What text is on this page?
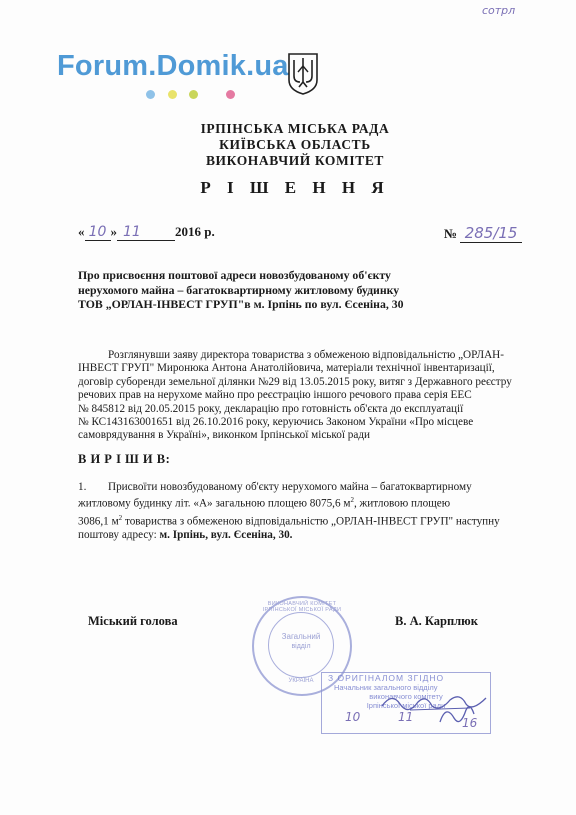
сотрл
Forum.Domik.ua
ІРПІНСЬКА МІСЬКА РАДА
КИЇВСЬКА ОБЛАСТЬ
ВИКОНАВЧИЙ КОМІТЕТ
Р І Ш Е Н Н Я
« 10 » 11	2016 р.	№ 285/15
Про присвоєння поштової адреси новозбудованому об'єкту
нерухомого майна – багатоквартирному житловому будинку
ТОВ „ОРЛАН-ІНВЕСТ ГРУП"в м. Ірпінь по вул. Єсеніна, 30
Розглянувши заяву директора товариства з обмеженою відповідальністю „ОРЛАН-
ІНВЕСТ ГРУП" Миронюка Антона Анатолійовича, матеріали технічної інвентаризації,
договір суборенди земельної ділянки №29 від 13.05.2015 року, витяг з Державного реєстру
речових прав на нерухоме майно про реєстрацію іншого речового права серія ЕЕС
№ 845812 від 20.05.2015 року, декларацію про готовність об'єкта до експлуатації
№ КС143163001651 від 26.10.2016 року, керуючись Законом України «Про місцеве
самоврядування в Україні», виконком Ірпінської міської ради
В И Р І Ш И В:
1. Присвоїти новозбудованому об'єкту нерухомого майна – багатоквартирному
житловому будинку літ. «А» загальною площею 8075,6 $м^2$, житловою площею
3086,1 $м^2$ товариства з обмеженою відповідальністю „ОРЛАН-ІНВЕСТ ГРУП" наступну
поштову адресу: м. Ірпінь, вул. Єсеніна, 30.
Міський голова	В. А. Карплюк
Загальний
відділ
УКРАЇНА
ВИКОНАВЧИЙ КОМІТЕТ ІРПІНСЬКОЇ МІСЬКОЇ РАДИ
З ОРИГІНАЛОМ ЗГІДНО
Начальник загального відділу
виконавчого комітету
Ірпінської міської ради
10	11	16
